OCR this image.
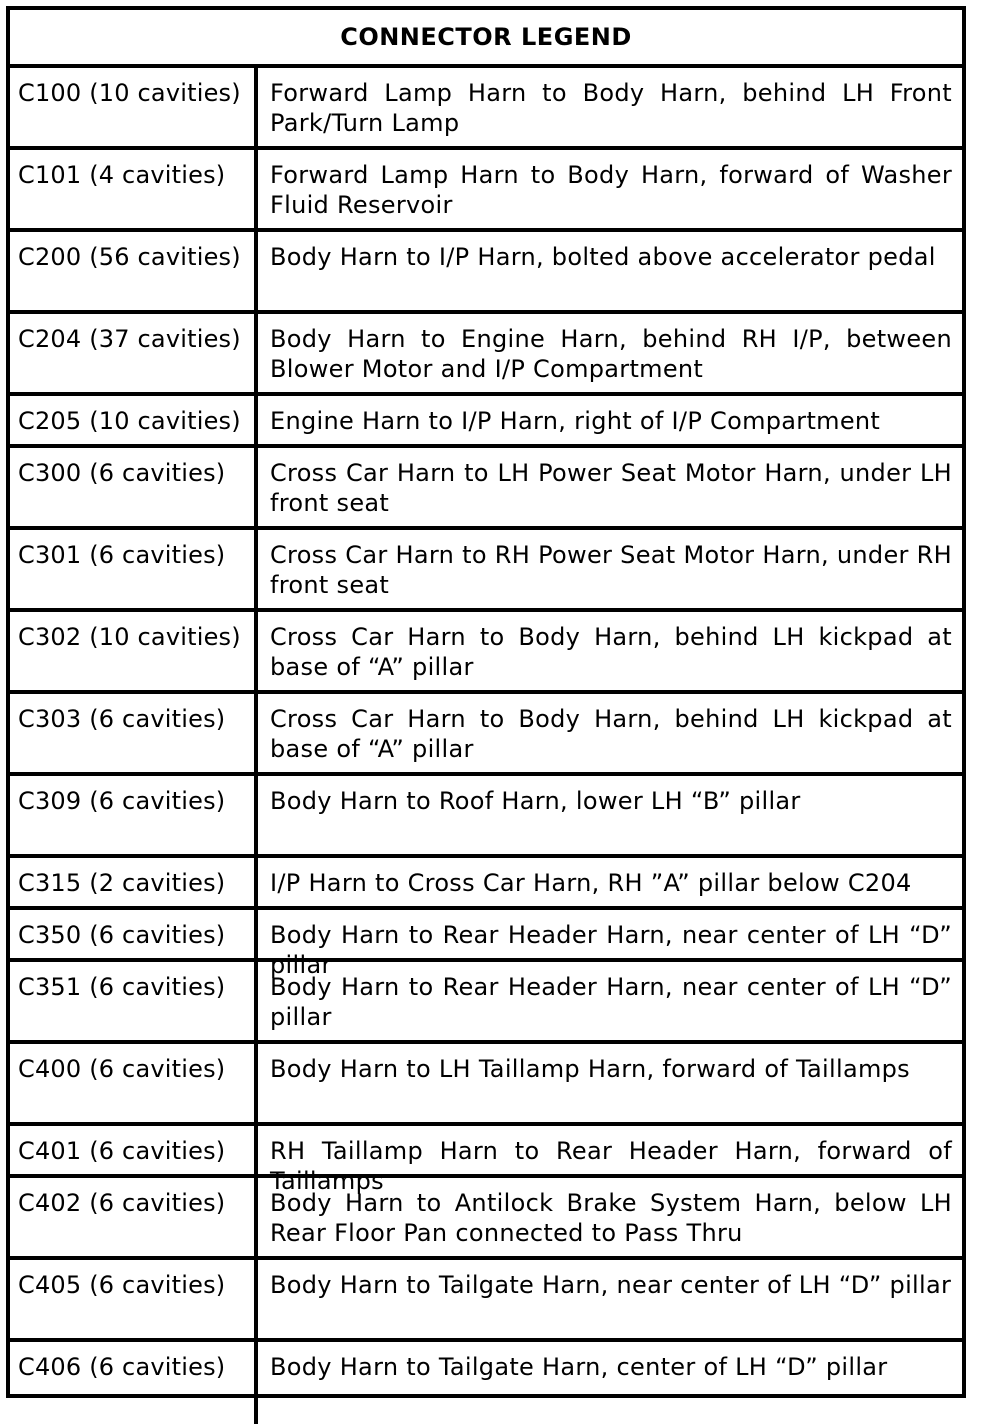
CONNECTOR LEGEND
C100 (10 cavities)	Forward Lamp Harn to Body Harn, behind LH Front Park/Turn Lamp
C101 (4 cavities)	Forward Lamp Harn to Body Harn, forward of Washer Fluid Reservoir
C200 (56 cavities)	Body Harn to I/P Harn, bolted above accelerator pedal
C204 (37 cavities)	Body Harn to Engine Harn, behind RH I/P, between Blower Motor and I/P Compartment
C205 (10 cavities)	Engine Harn to I/P Harn, right of I/P Compartment
C300 (6 cavities)	Cross Car Harn to LH Power Seat Motor Harn, under LH front seat
C301 (6 cavities)	Cross Car Harn to RH Power Seat Motor Harn, under RH front seat
C302 (10 cavities)	Cross Car Harn to Body Harn, behind LH kickpad at base of “A” pillar
C303 (6 cavities)	Cross Car Harn to Body Harn, behind LH kickpad at base of “A” pillar
C309 (6 cavities)	Body Harn to Roof Harn, lower LH “B” pillar
C315 (2 cavities)	I/P Harn to Cross Car Harn, RH ”A” pillar below C204
C350 (6 cavities)	Body Harn to Rear Header Harn, near center of LH “D” pillar
C351 (6 cavities)	Body Harn to Rear Header Harn, near center of LH “D” pillar
C400 (6 cavities)	Body Harn to LH Taillamp Harn, forward of Taillamps
C401 (6 cavities)	RH Taillamp Harn to Rear Header Harn, forward of Taillamps
C402 (6 cavities)	Body Harn to Antilock Brake System Harn, below LH Rear Floor Pan connected to Pass Thru
C405 (6 cavities)	Body Harn to Tailgate Harn, near center of LH “D” pillar
C406 (6 cavities)	Body Harn to Tailgate Harn, center of LH “D” pillar
